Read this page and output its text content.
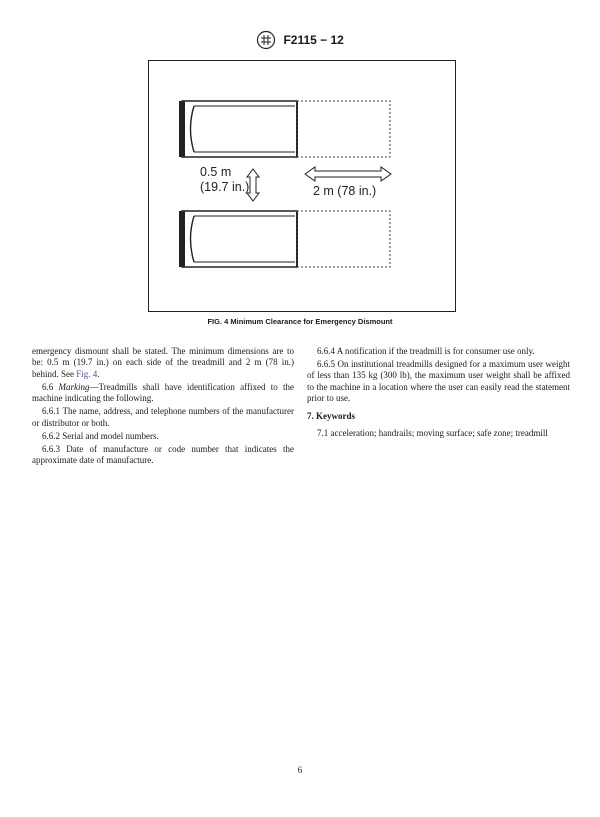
F2115 − 12
0.5 m
(19.7 in.)	2 m (78 in.)
FIG. 4 Minimum Clearance for Emergency Dismount

emergency dismount shall be stated. The minimum dimensions are to be: 0.5 m (19.7 in.) on each side of the treadmill and 2 m (78 in.) behind. See Fig. 4.

6.6 Marking—Treadmills shall have identification affixed to the machine indicating the following.

6.6.1 The name, address, and telephone numbers of the manufacturer or distributor or both.

6.6.2 Serial and model numbers.

6.6.3 Date of manufacture or code number that indicates the approximate date of manufacture.

6.6.4 A notification if the treadmill is for consumer use only.

6.6.5 On institutional treadmills designed for a maximum user weight of less than 135 kg (300 lb), the maximum user weight shall be affixed to the machine in a location where the user can easily read the statement prior to use.

7. Keywords

7.1 acceleration; handrails; moving surface; safe zone; treadmill

6
